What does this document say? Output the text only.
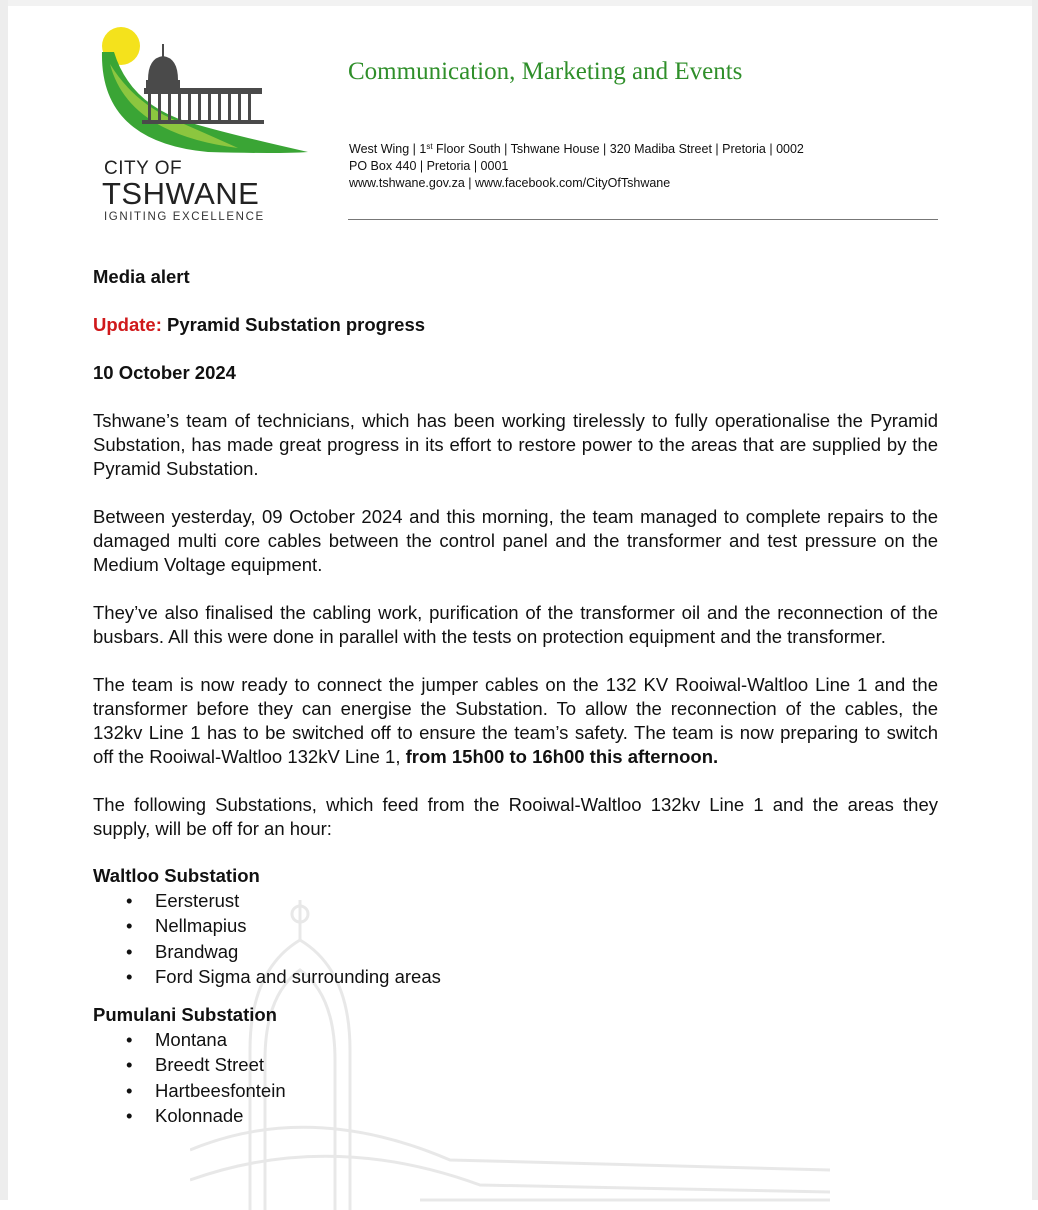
CITY OF
TSHWANE
IGNITING EXCELLENCE
Communication, Marketing and Events
West Wing | 1st Floor South | Tshwane House | 320 Madiba Street | Pretoria | 0002
PO Box 440 | Pretoria | 0001
www.tshwane.gov.za | www.facebook.com/CityOfTshwane
Media alert
Update: Pyramid Substation progress
10 October 2024

Tshwane’s team of technicians, which has been working tirelessly to fully operationalise the Pyramid Substation, has made great progress in its effort to restore power to the areas that are supplied by the Pyramid Substation.

Between yesterday, 09 October 2024 and this morning, the team managed to complete repairs to the damaged multi core cables between the control panel and the transformer and test pressure on the Medium Voltage equipment.

They’ve also finalised the cabling work, purification of the transformer oil and the reconnection of the busbars. All this were done in parallel with the tests on protection equipment and the transformer.

The team is now ready to connect the jumper cables on the 132 KV Rooiwal-Waltloo Line 1 and the transformer before they can energise the Substation. To allow the reconnection of the cables, the 132kv Line 1 has to be switched off to ensure the team’s safety. The team is now preparing to switch off the Rooiwal-Waltloo 132kV Line 1, from 15h00 to 16h00 this afternoon.

The following Substations, which feed from the Rooiwal-Waltloo 132kv Line 1 and the areas they supply, will be off for an hour:

Waltloo Substation
• Eersterust
• Nellmapius
• Brandwag
• Ford Sigma and surrounding areas
Pumulani Substation
• Montana
• Breedt Street
• Hartbeesfontein
• Kolonnade
